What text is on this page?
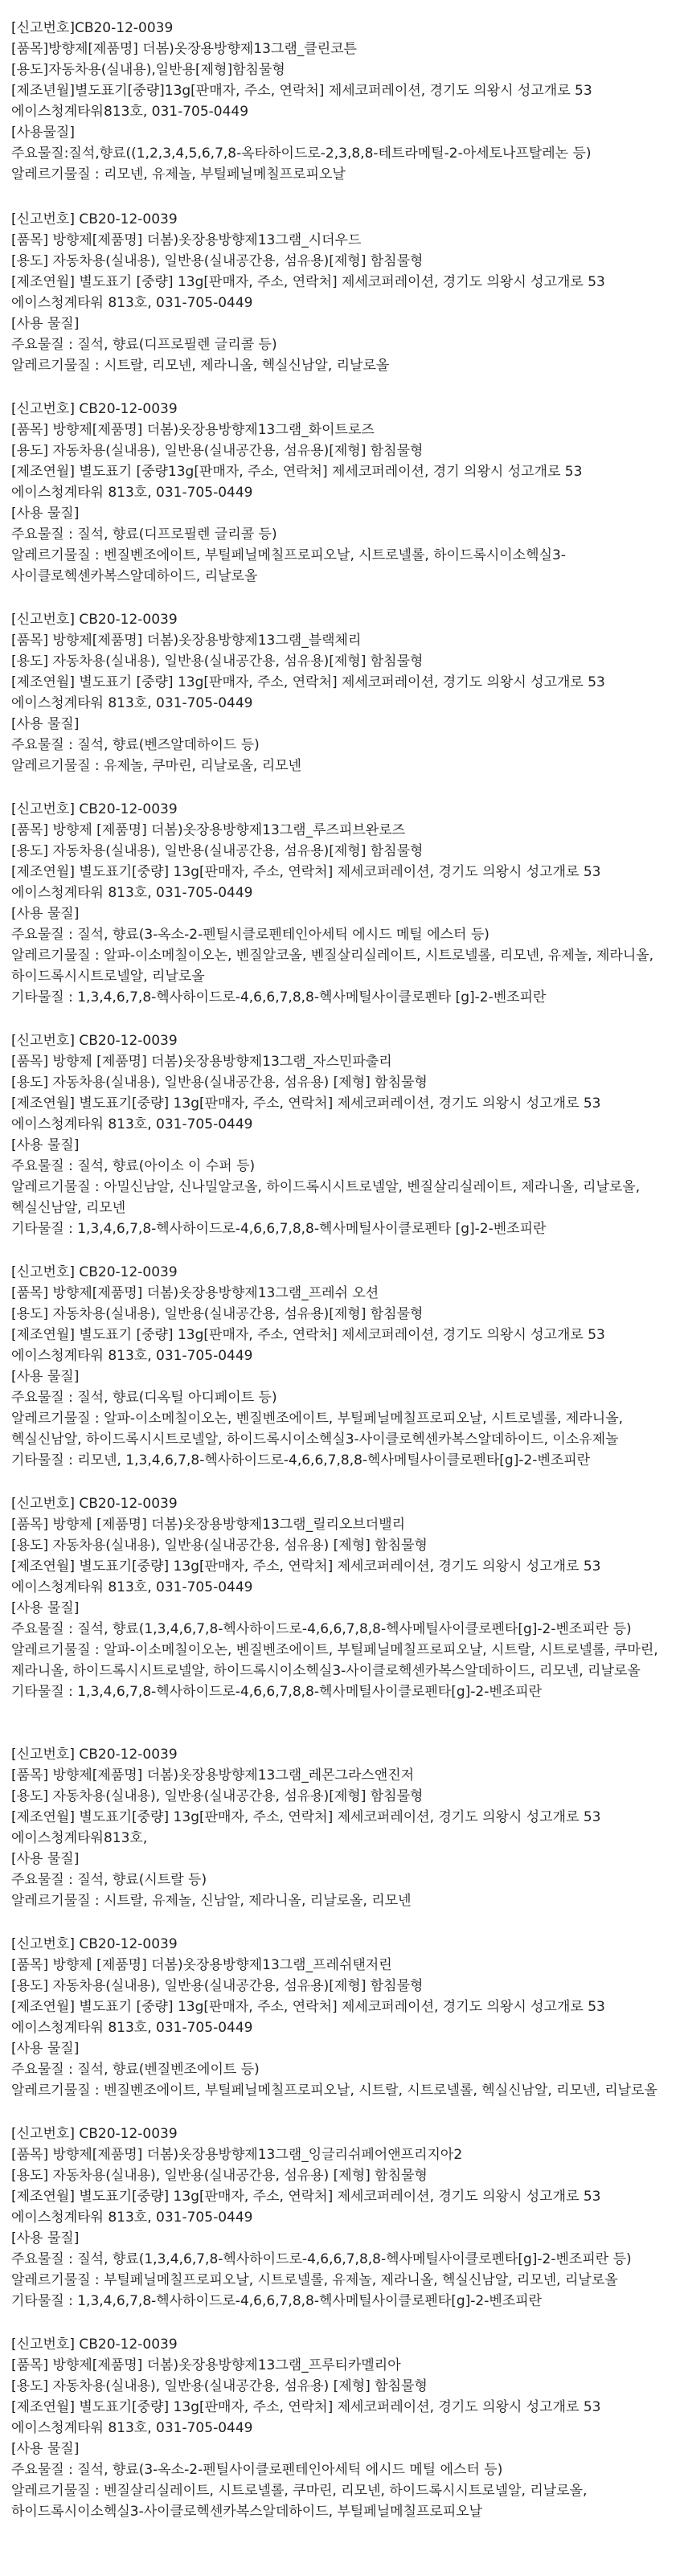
[신고번호]CB20-12-0039

[품목]방향제[제품명] 더봄)옷장용방향제13그램_클린코튼

[용도]자동차용(실내용),일반용[제형]함침물형

[제조년월]별도표기[중량]13g[판매자, 주소, 연락처] 제세코퍼레이션, 경기도 의왕시 성고개로 53 에이스청계타워813호, 031-705-0449

[사용물질]

주요물질:질석,향료((1,2,3,4,5,6,7,8-옥타하이드로-2,3,8,8-테트라메틸-2-아세토나프탈레논 등)

알레르기물질 : 리모넨, 유제놀, 부틸페닐메칠프로피오날

[신고번호] CB20-12-0039

[품목] 방향제[제품명] 더봄)옷장용방향제13그램_시더우드

[용도] 자동차용(실내용), 일반용(실내공간용, 섬유용)[제형] 함침물형

[제조연월] 별도표기 [중량] 13g[판매자, 주소, 연락처] 제세코퍼레이션, 경기도 의왕시 성고개로 53 에이스청계타워 813호, 031-705-0449

[사용 물질]

주요물질 : 질석, 향료(디프로필렌 글리콜 등)

알레르기물질 : 시트랄, 리모넨, 제라니올, 헥실신남알, 리날로올

[신고번호] CB20-12-0039

[품목] 방향제[제품명] 더봄)옷장용방향제13그램_화이트로즈

[용도] 자동차용(실내용), 일반용(실내공간용, 섬유용)[제형] 함침물형

[제조연월] 별도표기 [중량13g[판매자, 주소, 연락처] 제세코퍼레이션, 경기 의왕시 성고개로 53 에이스청계타워 813호, 031-705-0449

[사용 물질]

주요물질 : 질석, 향료(디프로필렌 글리콜 등)

알레르기물질 : 벤질벤조에이트, 부틸페닐메칠프로피오날, 시트로넬롤, 하이드록시이소헥실3-사이클로헥센카복스알데하이드, 리날로올

[신고번호] CB20-12-0039

[품목] 방향제[제품명] 더봄)옷장용방향제13그램_블랙체리

[용도] 자동차용(실내용), 일반용(실내공간용, 섬유용)[제형] 함침물형

[제조연월] 별도표기 [중량] 13g[판매자, 주소, 연락처] 제세코퍼레이션, 경기도 의왕시 성고개로 53 에이스청계타워 813호, 031-705-0449

[사용 물질]

주요물질 : 질석, 향료(벤즈알데하이드 등)

알레르기물질 : 유제놀, 쿠마린, 리날로올, 리모넨

[신고번호] CB20-12-0039

[품목] 방향제 [제품명] 더봄)옷장용방향제13그램_루즈피브완로즈

[용도] 자동차용(실내용), 일반용(실내공간용, 섬유용)[제형] 함침물형

[제조연월] 별도표기[중량] 13g[판매자, 주소, 연락처] 제세코퍼레이션, 경기도 의왕시 성고개로 53 에이스청계타워 813호, 031-705-0449

[사용 물질]

주요물질 : 질석, 향료(3-옥소-2-펜틸시클로펜테인아세틱 에시드 메틸 에스터 등)

알레르기물질 : 알파-이소메칠이오논, 벤질알코올, 벤질살리실레이트, 시트로넬롤, 리모넨, 유제놀, 제라니올, 하이드록시시트로넬알, 리날로올

기타물질 : 1,3,4,6,7,8-헥사하이드로-4,6,6,7,8,8-헥사메틸사이클로펜타 [g]-2-벤조피란

[신고번호] CB20-12-0039

[품목] 방향제 [제품명] 더봄)옷장용방향제13그램_자스민파출리

[용도] 자동차용(실내용), 일반용(실내공간용, 섬유용) [제형] 함침물형

[제조연월] 별도표기[중량] 13g[판매자, 주소, 연락처] 제세코퍼레이션, 경기도 의왕시 성고개로 53 에이스청계타워 813호, 031-705-0449

[사용 물질]

주요물질 : 질석, 향료(아이소 이 수퍼 등)

알레르기물질 : 아밀신남알, 신나밀알코올, 하이드록시시트로넬알, 벤질살리실레이트, 제라니올, 리날로올, 헥실신남알, 리모넨

기타물질 : 1,3,4,6,7,8-헥사하이드로-4,6,6,7,8,8-헥사메틸사이클로펜타 [g]-2-벤조피란

[신고번호] CB20-12-0039

[품목] 방향제[제품명] 더봄)옷장용방향제13그램_프레쉬 오션

[용도] 자동차용(실내용), 일반용(실내공간용, 섬유용)[제형] 함침물형

[제조연월] 별도표기 [중량] 13g[판매자, 주소, 연락처] 제세코퍼레이션, 경기도 의왕시 성고개로 53 에이스청계타워 813호, 031-705-0449

[사용 물질]

주요물질 : 질석, 향료(디옥틸 아디페이트 등)

알레르기물질 : 알파-이소메칠이오논, 벤질벤조에이트, 부틸페닐메칠프로피오날, 시트로넬롤, 제라니올, 헥실신남알, 하이드록시시트로넬알, 하이드록시이소헥실3-사이클로헥센카복스알데하이드, 이소유제놀

기타물질 : 리모넨, 1,3,4,6,7,8-헥사하이드로-4,6,6,7,8,8-헥사메틸사이클로펜타[g]-2-벤조피란

[신고번호] CB20-12-0039

[품목] 방향제 [제품명] 더봄)옷장용방향제13그램_릴리오브더밸리

[용도] 자동차용(실내용), 일반용(실내공간용, 섬유용) [제형] 함침물형

[제조연월] 별도표기[중량] 13g[판매자, 주소, 연락처] 제세코퍼레이션, 경기도 의왕시 성고개로 53 에이스청계타워 813호, 031-705-0449

[사용 물질]

주요물질 : 질석, 향료(1,3,4,6,7,8-헥사하이드로-4,6,6,7,8,8-헥사메틸사이클로펜타[g]-2-벤조피란 등)

알레르기물질 : 알파-이소메칠이오논, 벤질벤조에이트, 부틸페닐메칠프로피오날, 시트랄, 시트로넬롤, 쿠마린, 제라니올, 하이드록시시트로넬알, 하이드록시이소헥실3-사이클로헥센카복스알데하이드, 리모넨, 리날로올

기타물질 : 1,3,4,6,7,8-헥사하이드로-4,6,6,7,8,8-헥사메틸사이클로펜타[g]-2-벤조피란

[신고번호] CB20-12-0039

[품목] 방향제[제품명] 더봄)옷장용방향제13그램_레몬그라스앤진저

[용도] 자동차용(실내용), 일반용(실내공간용, 섬유용)[제형] 함침물형

[제조연월] 별도표기[중량] 13g[판매자, 주소, 연락처] 제세코퍼레이션, 경기도 의왕시 성고개로 53 에이스청계타워813호,

[사용 물질]

주요물질 : 질석, 향료(시트랄 등)

알레르기물질 : 시트랄, 유제놀, 신남알, 제라니올, 리날로올, 리모넨

[신고번호] CB20-12-0039

[품목] 방향제 [제품명] 더봄)옷장용방향제13그램_프레쉬탠저린

[용도] 자동차용(실내용), 일반용(실내공간용, 섬유용)[제형] 함침물형

[제조연월] 별도표기 [중량] 13g[판매자, 주소, 연락처] 제세코퍼레이션, 경기도 의왕시 성고개로 53 에이스청계타워 813호, 031-705-0449

[사용 물질]

주요물질 : 질석, 향료(벤질벤조에이트 등)

알레르기물질 : 벤질벤조에이트, 부틸페닐메칠프로피오날, 시트랄, 시트로넬롤, 헥실신남알, 리모넨, 리날로올

[신고번호] CB20-12-0039

[품목] 방향제[제품명] 더봄)옷장용방향제13그램_잉글리쉬페어앤프리지아2

[용도] 자동차용(실내용), 일반용(실내공간용, 섬유용) [제형] 함침물형

[제조연월] 별도표기[중량] 13g[판매자, 주소, 연락처] 제세코퍼레이션, 경기도 의왕시 성고개로 53 에이스청계타워 813호, 031-705-0449

[사용 물질]

주요물질 : 질석, 향료(1,3,4,6,7,8-헥사하이드로-4,6,6,7,8,8-헥사메틸사이클로펜타[g]-2-벤조피란 등)

알레르기물질 : 부틸페닐메칠프로피오날, 시트로넬롤, 유제놀, 제라니올, 헥실신남알, 리모넨, 리날로올

기타물질 : 1,3,4,6,7,8-헥사하이드로-4,6,6,7,8,8-헥사메틸사이클로펜타[g]-2-벤조피란

[신고번호] CB20-12-0039

[품목] 방향제[제품명] 더봄)옷장용방향제13그램_프루티카멜리아

[용도] 자동차용(실내용), 일반용(실내공간용, 섬유용) [제형] 함침물형

[제조연월] 별도표기[중량] 13g[판매자, 주소, 연락처] 제세코퍼레이션, 경기도 의왕시 성고개로 53 에이스청계타워 813호, 031-705-0449

[사용 물질]

주요물질 : 질석, 향료(3-옥소-2-펜틸사이클로펜테인아세틱 에시드 메틸 에스터 등)

알레르기물질 : 벤질살리실레이트, 시트로넬롤, 쿠마린, 리모넨, 하이드록시시트로넬알, 리날로올, 하이드록시이소헥실3-사이클로헥센카복스알데하이드, 부틸페닐메칠프로피오날
